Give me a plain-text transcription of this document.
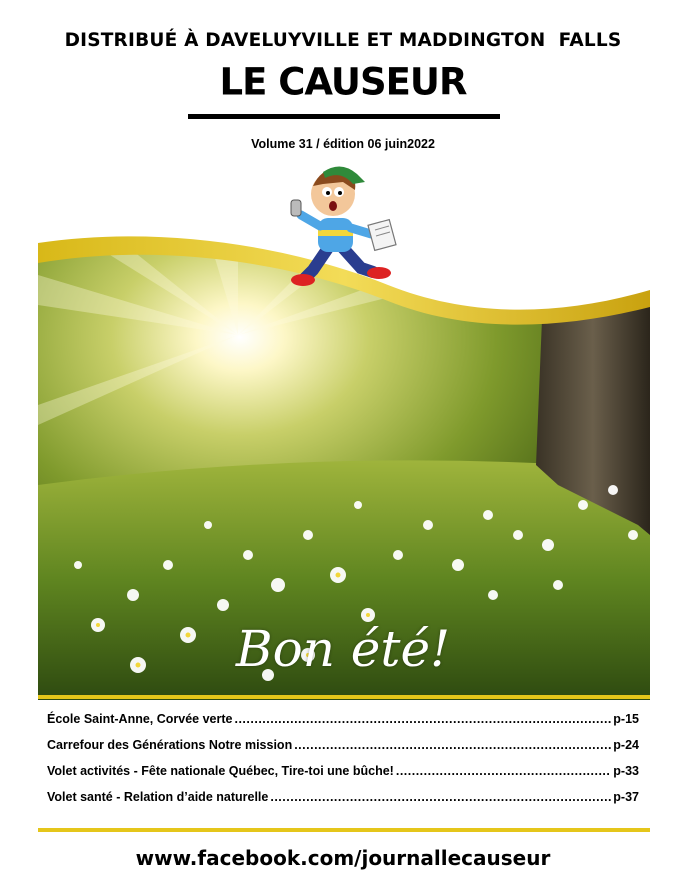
DISTRIBUÉ À DAVELUYVILLE ET MADDINGTON  FALLS
LE CAUSEUR
Volume 31 / édition 06 juin2022
Bon été!
École Saint-Anne, Corvée verte .....	p-15
Carrefour des Générations Notre mission .....	p-24
Volet activités - Fête nationale Québec, Tire-toi une bûche! .....	p-33
Volet santé - Relation d’aide naturelle .....	p-37
www.facebook.com/journallecauseur
